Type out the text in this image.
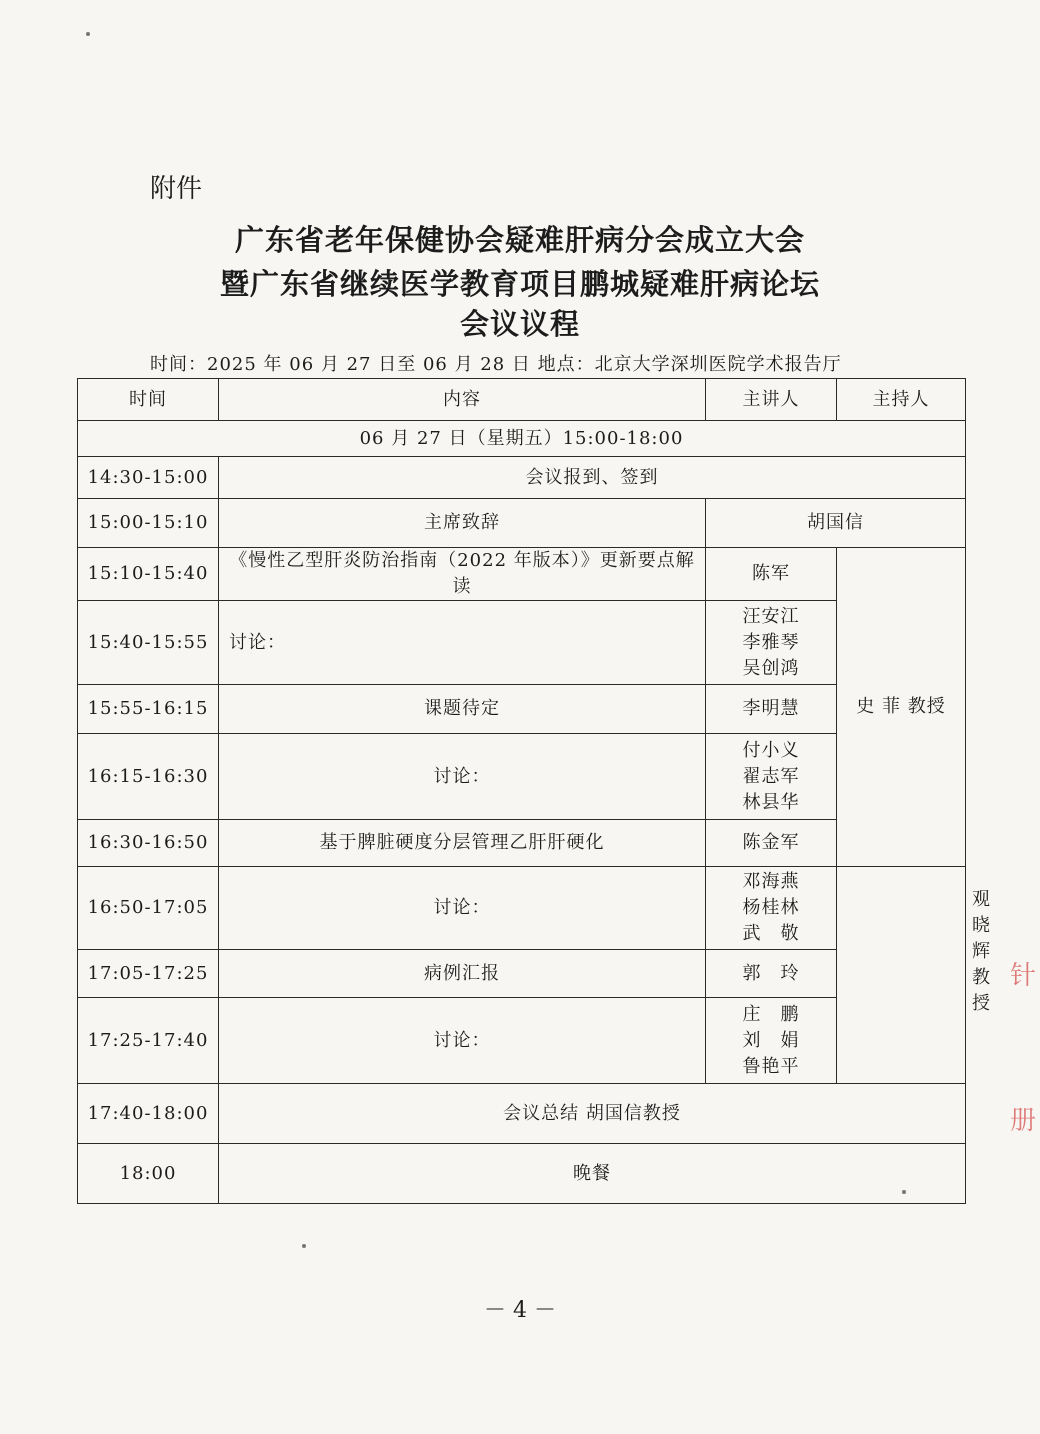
附件
广东省老年保健协会疑难肝病分会成立大会
暨广东省继续医学教育项目鹏城疑难肝病论坛
会议议程
时间：2025 年 06 月 27 日至 06 月 28 日 地点：北京大学深圳医院学术报告厅
时间	内容	主讲人	主持人	
06 月 27 日（星期五）15:00-18:00				
14:30-15:00	会议报到、签到			
15:00-15:10	主席致辞	胡国信		
15:10-15:40	《慢性乙型肝炎防治指南（2022 年版本）》更新要点解读	陈军	史 菲 教授	
15:40-15:55	讨论：	汪安江
李雅琴
吴创鸿		

15:55-16:15	课题待定	李明慧		
16:15-16:30	讨论：	付小义
翟志军
林县华		

16:30-16:50	基于脾脏硬度分层管理乙肝肝硬化	陈金军		观晓辉 教授
16:50-17:05	讨论：	邓海燕
杨桂林
武　敬		

17:05-17:25	病例汇报	郭　玲		
17:25-17:40	讨论：	庄　鹏
刘　娟
鲁艳平		

17:40-18:00	会议总结 胡国信教授			
18:00	晚餐			
－ 4 －
针
册
